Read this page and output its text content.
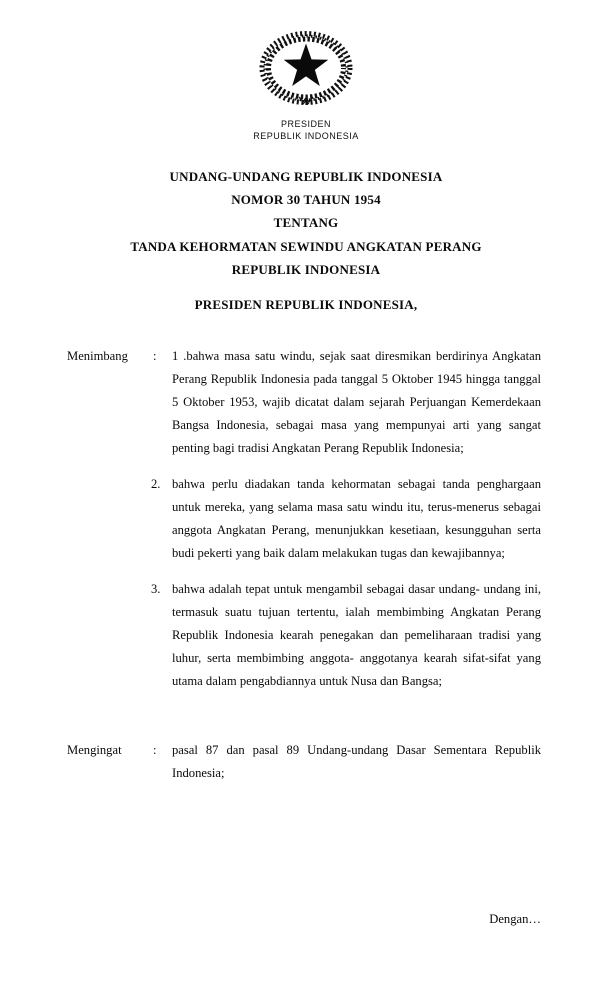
PRESIDEN
REPUBLIK INDONESIA
UNDANG-UNDANG REPUBLIK INDONESIA
NOMOR 30 TAHUN 1954
TENTANG
TANDA KEHORMATAN SEWINDU ANGKATAN PERANG
REPUBLIK INDONESIA
PRESIDEN REPUBLIK INDONESIA,
Menimbang : 1 .bahwa masa satu windu, sejak saat diresmikan berdirinya Angkatan Perang Republik Indonesia pada tanggal 5 Oktober 1945 hingga tanggal 5 Oktober 1953, wajib dicatat dalam sejarah Perjuangan Kemerdekaan Bangsa Indonesia, sebagai masa yang mempunyai arti yang sangat penting bagi tradisi Angkatan Perang Republik Indonesia;
2. bahwa perlu diadakan tanda kehormatan sebagai tanda penghargaan untuk mereka, yang selama masa satu windu itu, terus-menerus sebagai anggota Angkatan Perang, menunjukkan kesetiaan, kesungguhan serta budi pekerti yang baik dalam melakukan tugas dan kewajibannya;
3. bahwa adalah tepat untuk mengambil sebagai dasar undang- undang ini, termasuk suatu tujuan tertentu, ialah membimbing Angkatan Perang Republik Indonesia kearah penegakan dan pemeliharaan tradisi yang luhur, serta membimbing anggota- anggotanya kearah sifat-sifat yang utama dalam pengabdiannya untuk Nusa dan Bangsa;
Mengingat : pasal 87 dan pasal 89 Undang-undang Dasar Sementara Republik Indonesia;
Dengan…
